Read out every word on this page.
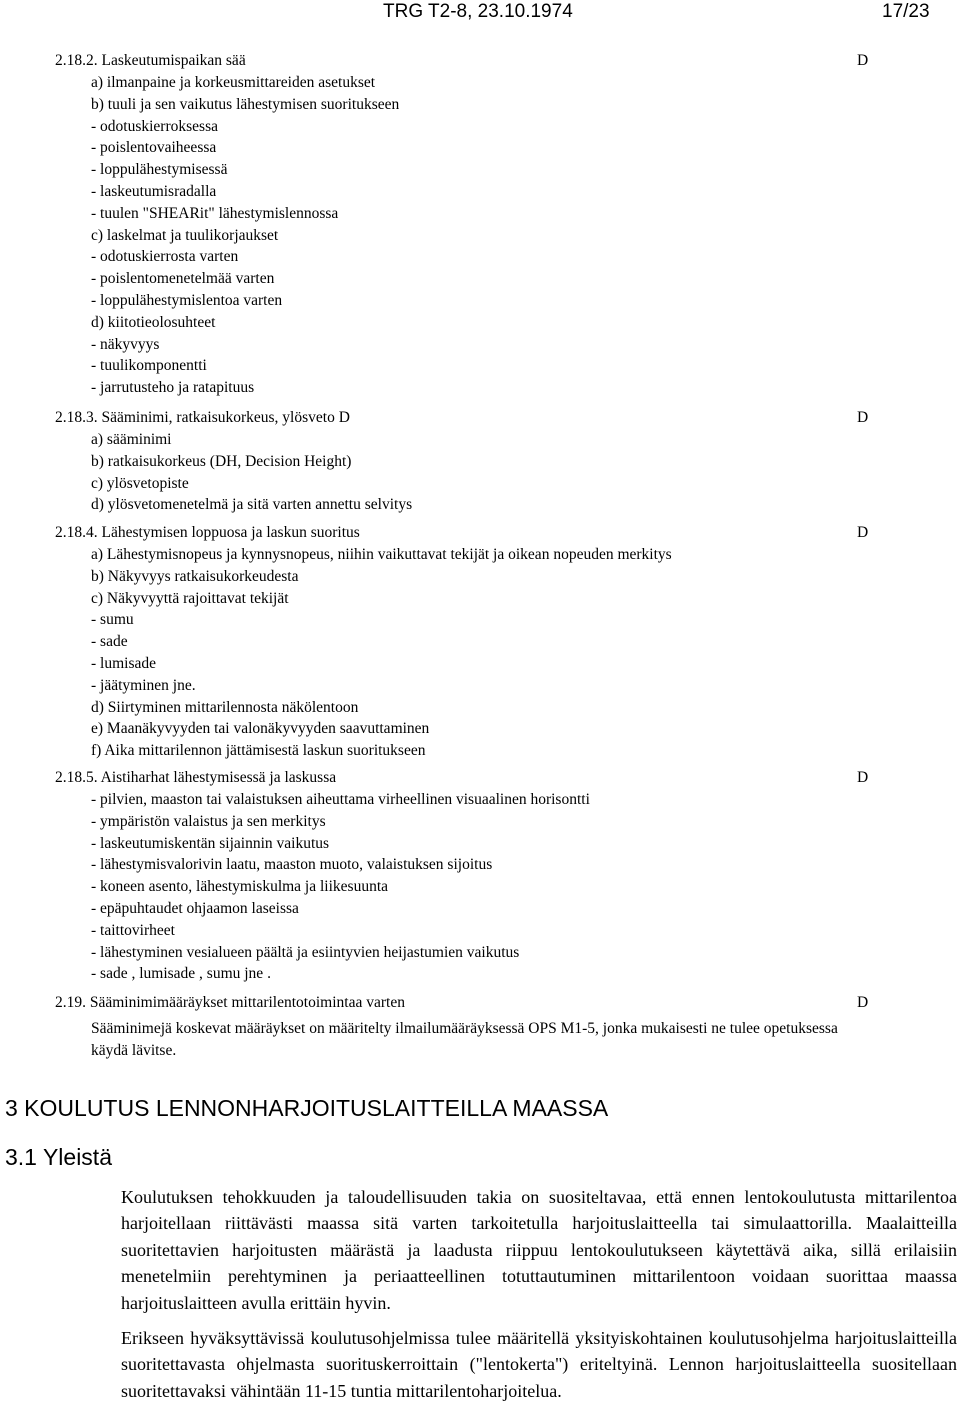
TRG T2-8, 23.10.1974	17/23
2.18.2. Laskeutumispaikan sää	D
a) ilmanpaine ja korkeusmittareiden asetukset
b) tuuli ja sen vaikutus lähestymisen suoritukseen
- odotuskierroksessa
- poislentovaiheessa
- loppulähestymisessä
- laskeutumisradalla
- tuulen "SHEARit" lähestymislennossa
c) laskelmat ja tuulikorjaukset
- odotuskierrosta varten
- poislentomenetelmää varten
- loppulähestymislentoa varten
d) kiitotieolosuhteet
- näkyvyys
- tuulikomponentti
- jarrutusteho ja ratapituus
2.18.3. Sääminimi, ratkaisukorkeus, ylösveto D	D
a) sääminimi
b) ratkaisukorkeus (DH, Decision Height)
c) ylösvetopiste
d) ylösvetomenetelmä ja sitä varten annettu selvitys
2.18.4. Lähestymisen loppuosa ja laskun suoritus	D
a) Lähestymisnopeus ja kynnysnopeus, niihin vaikuttavat tekijät ja oikean nopeuden merkitys
b) Näkyvyys ratkaisukorkeudesta
c) Näkyvyyttä rajoittavat tekijät
- sumu
- sade
- lumisade
- jäätyminen jne.
d) Siirtyminen mittarilennosta näkölentoon
e) Maanäkyvyyden tai valonäkyvyyden saavuttaminen
f) Aika mittarilennon jättämisestä laskun suoritukseen
2.18.5. Aistiharhat lähestymisessä ja laskussa	D
- pilvien, maaston tai valaistuksen aiheuttama virheellinen visuaalinen horisontti
- ympäristön valaistus ja sen merkitys
- laskeutumiskentän sijainnin vaikutus
- lähestymisvalorivin laatu, maaston muoto, valaistuksen sijoitus
- koneen asento, lähestymiskulma ja liikesuunta
- epäpuhtaudet ohjaamon laseissa
- taittovirheet
- lähestyminen vesialueen päältä ja esiintyvien heijastumien vaikutus
- sade , lumisade , sumu jne .
2.19. Sääminimimääräykset mittarilentotoimintaa varten	D
Sääminimejä koskevat määräykset on määritelty ilmailumääräyksessä OPS M1-5, jonka mukaisesti ne tulee opetuksessa käydä lävitse.
3 KOULUTUS LENNONHARJOITUSLAITTEILLA MAASSA
3.1 Yleistä
Koulutuksen tehokkuuden ja taloudellisuuden takia on suositeltavaa, että ennen lentokoulutusta mittarilentoa harjoitellaan riittävästi maassa sitä varten tarkoitetulla harjoituslaitteella tai simulaattorilla. Maalaitteilla suoritettavien harjoitusten määrästä ja laadusta riippuu lentokoulutukseen käytettävä aika, sillä erilaisiin menetelmiin perehtyminen ja periaatteellinen totuttautuminen mittarilentoon voidaan suorittaa maassa harjoituslaitteen avulla erittäin hyvin.
Erikseen hyväksyttävissä koulutusohjelmissa tulee määritellä yksityiskohtainen koulutusohjelma harjoituslaitteilla suoritettavasta ohjelmasta suorituskerroittain ("lentokerta") eriteltyinä. Lennon harjoituslaitteella suositellaan suoritettavaksi vähintään 11-15 tuntia mittarilentoharjoitelua.
